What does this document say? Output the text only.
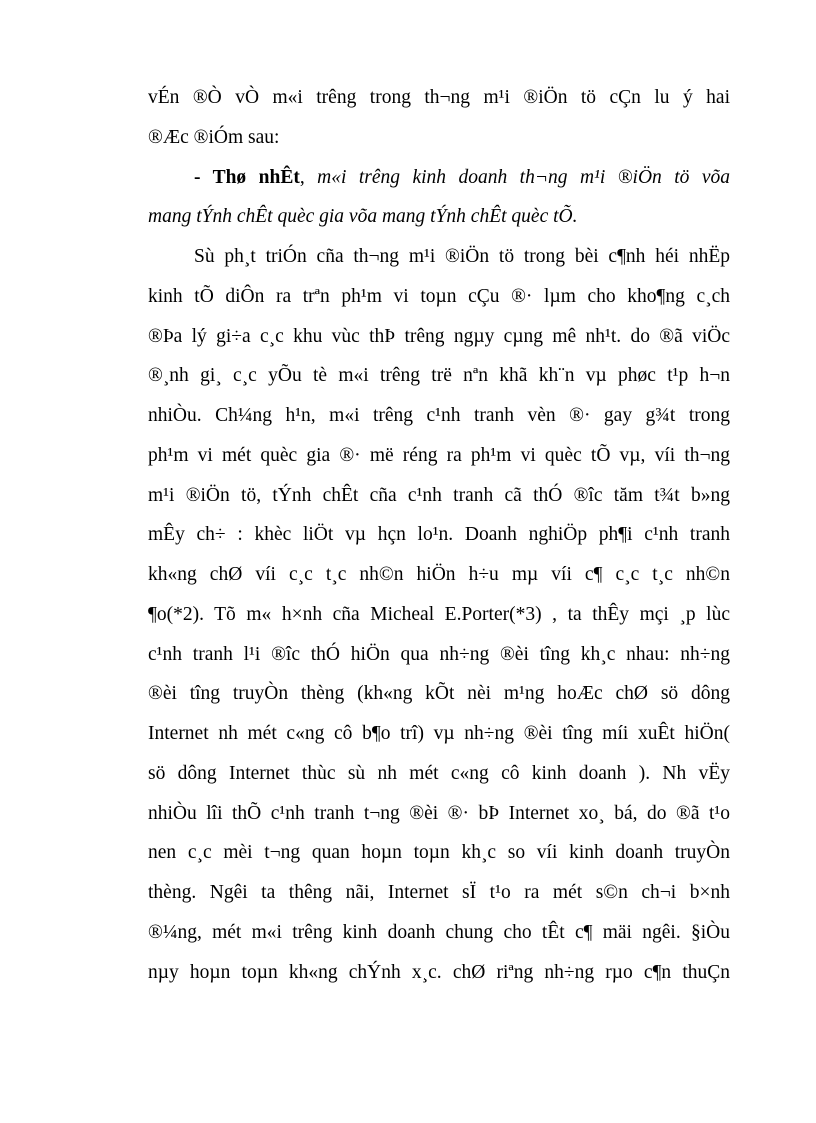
vÉn ®Ò vÒ m«i trêng trong th¬ng m¹i ®iÖn tö cÇn lu ý hai
®Æc ®iÓm sau:
- Thø nhÊt, m«i trêng kinh doanh th¬ng m¹i ®iÖn tö võa
mang tÝnh chÊt quèc gia võa mang tÝnh chÊt quèc tÕ.
Sù ph¸t triÓn cña th¬ng m¹i ®iÖn tö trong bèi c¶nh héi nhËp
kinh tÕ diÔn ra trªn ph¹m vi toµn cÇu ®· lµm cho kho¶ng c¸ch
®Þa lý gi÷a c¸c khu vùc thÞ trêng ngµy cµng mê nh¹t. do ®ã viÖc
®¸nh gi¸ c¸c yÕu tè m«i trêng trë nªn khã kh¨n vµ phøc t¹p h¬n
nhiÒu. Ch¼ng h¹n, m«i trêng c¹nh tranh vèn ®· gay g¾t trong
ph¹m vi mét quèc gia ®· më réng ra ph¹m vi quèc tÕ vµ, víi th¬ng
m¹i ®iÖn tö, tÝnh chÊt cña c¹nh tranh cã thÓ ®îc tăm t¾t b»ng
mÊy ch÷ : khèc liÖt vµ hçn lo¹n. Doanh nghiÖp ph¶i c¹nh tranh
kh«ng chØ víi c¸c t¸c nh©n hiÖn h÷u mµ víi c¶ c¸c t¸c nh©n
¶o(*2). Tõ m« h×nh cña Micheal E.Porter(*3) , ta thÊy mçi ¸p lùc
c¹nh tranh l¹i ®îc thÓ hiÖn qua nh÷ng ®èi tîng kh¸c nhau: nh÷ng
®èi tîng truyÒn thèng (kh«ng kÕt nèi m¹ng hoÆc chØ sö dông
Internet nh mét c«ng cô b¶o trî) vµ nh÷ng ®èi tîng míi xuÊt hiÖn(
sö dông Internet thùc sù nh mét c«ng cô kinh doanh ). Nh vËy
nhiÒu lîi thÕ c¹nh tranh t¬ng ®èi ®· bÞ Internet xo¸ bá, do ®ã t¹o
nen c¸c mèi t¬ng quan hoµn toµn kh¸c so víi kinh doanh truyÒn
thèng. Ngêi ta thêng nãi, Internet sÏ t¹o ra mét s©n ch¬i b×nh
®¼ng, mét m«i trêng kinh doanh chung cho tÊt c¶ mäi ngêi. §iÒu
nµy hoµn toµn kh«ng chÝnh x¸c. chØ riªng nh÷ng rµo c¶n thuÇn
